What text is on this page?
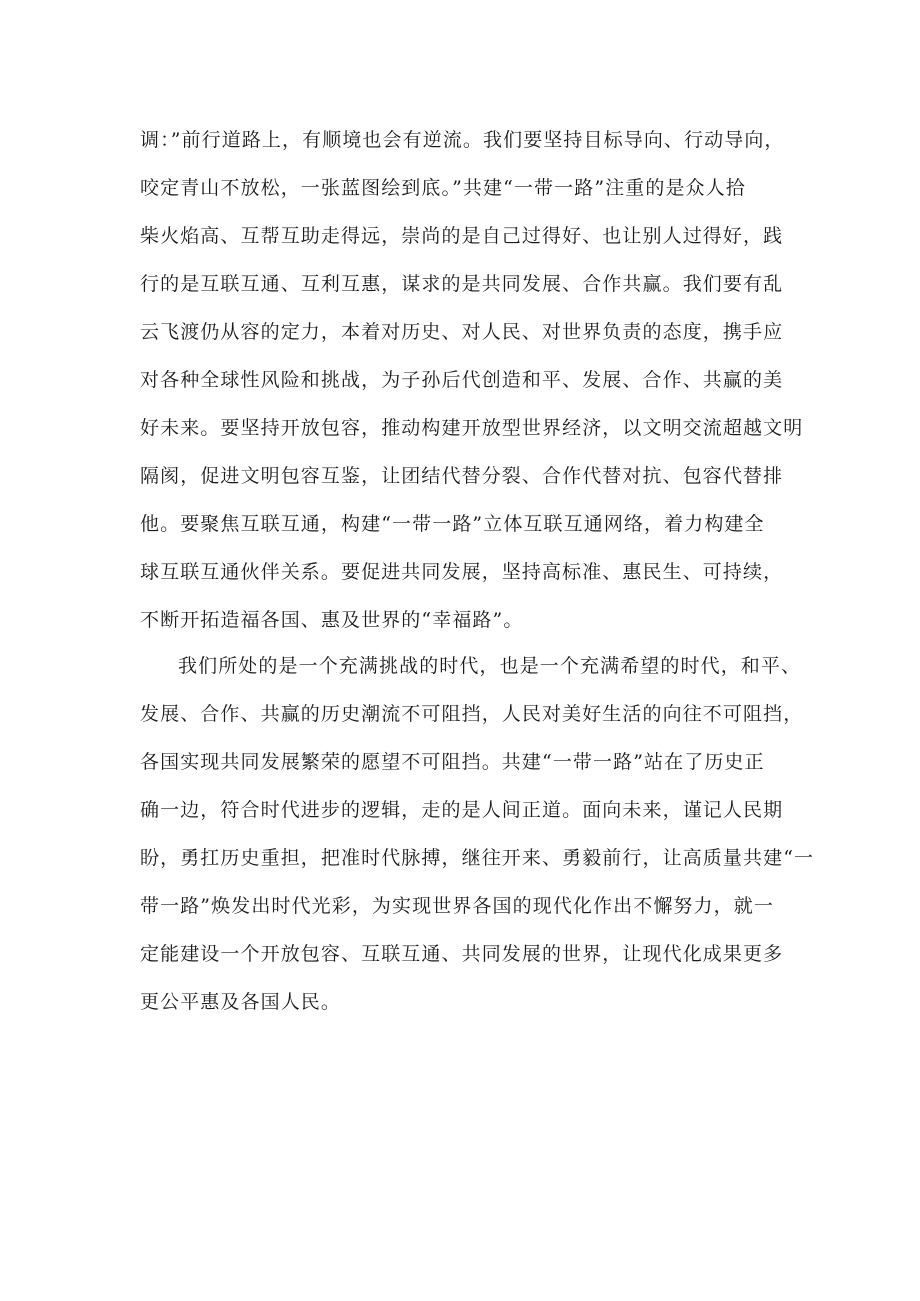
调：”前行道路上，有顺境也会有逆流。我们要坚持目标导向、行动导向，
咬定青山不放松，一张蓝图绘到底。”共建“一带一路”注重的是众人拾
柴火焰高、互帮互助走得远，崇尚的是自己过得好、也让别人过得好，践
行的是互联互通、互利互惠，谋求的是共同发展、合作共赢。我们要有乱
云飞渡仍从容的定力，本着对历史、对人民、对世界负责的态度，携手应
对各种全球性风险和挑战，为子孙后代创造和平、发展、合作、共赢的美
好未来。要坚持开放包容，推动构建开放型世界经济，以文明交流超越文明
隔阂，促进文明包容互鉴，让团结代替分裂、合作代替对抗、包容代替排
他。要聚焦互联互通，构建“一带一路”立体互联互通网络，着力构建全
球互联互通伙伴关系。要促进共同发展，坚持高标准、惠民生、可持续，
不断开拓造福各国、惠及世界的“幸福路”。
我们所处的是一个充满挑战的时代，也是一个充满希望的时代，和平、
发展、合作、共赢的历史潮流不可阻挡，人民对美好生活的向往不可阻挡，
各国实现共同发展繁荣的愿望不可阻挡。共建“一带一路”站在了历史正
确一边，符合时代进步的逻辑，走的是人间正道。面向未来，谨记人民期
盼，勇扛历史重担，把准时代脉搏，继往开来、勇毅前行，让高质量共建“一
带一路”焕发出时代光彩，为实现世界各国的现代化作出不懈努力，就一
定能建设一个开放包容、互联互通、共同发展的世界，让现代化成果更多
更公平惠及各国人民。
